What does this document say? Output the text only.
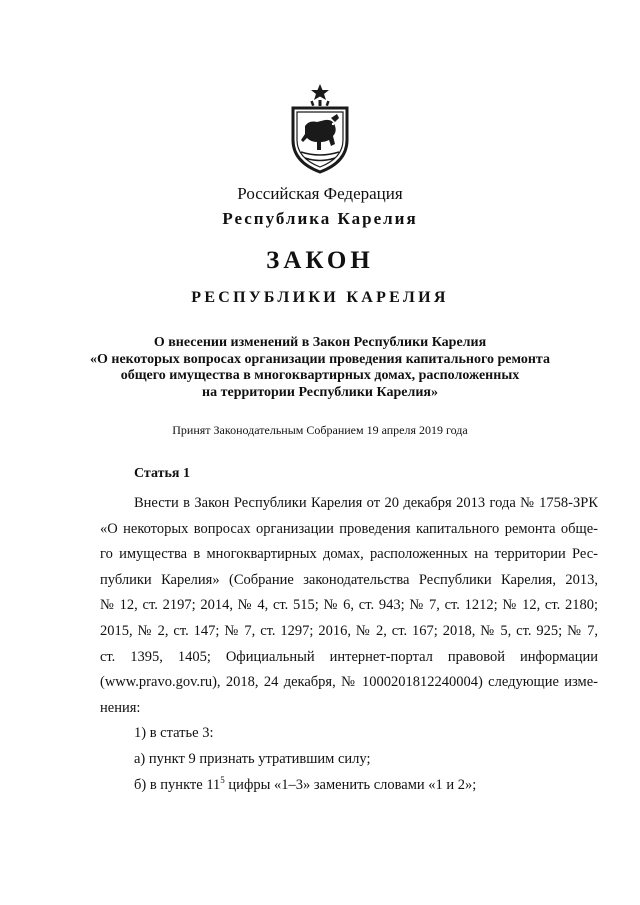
Российская Федерация
Республика Карелия
ЗАКОН
РЕСПУБЛИКИ КАРЕЛИЯ
О внесении изменений в Закон Республики Карелия
«О некоторых вопросах организации проведения капитального ремонта
общего имущества в многоквартирных домах, расположенных
на территории Республики Карелия»
Принят Законодательным Собранием 19 апреля 2019 года
Статья 1
Внести в Закон Республики Карелия от 20 декабря 2013 года № 1758-ЗРК
«О некоторых вопросах организации проведения капитального ремонта обще-
го имущества в многоквартирных домах, расположенных на территории Рес-
публики Карелия» (Собрание законодательства Республики Карелия, 2013,
№ 12, ст. 2197; 2014, № 4, ст. 515; № 6, ст. 943; № 7, ст. 1212; № 12, ст. 2180;
2015, № 2, ст. 147; № 7, ст. 1297; 2016, № 2, ст. 167; 2018, № 5, ст. 925; № 7,
ст. 1395, 1405; Официальный интернет-портал правовой информации
(www.pravo.gov.ru), 2018, 24 декабря, № 1000201812240004) следующие изме-
нения:
1) в статье 3:
а) пункт 9 признать утратившим силу;
б) в пункте $11^5$ цифры «1–3» заменить словами «1 и 2»;
